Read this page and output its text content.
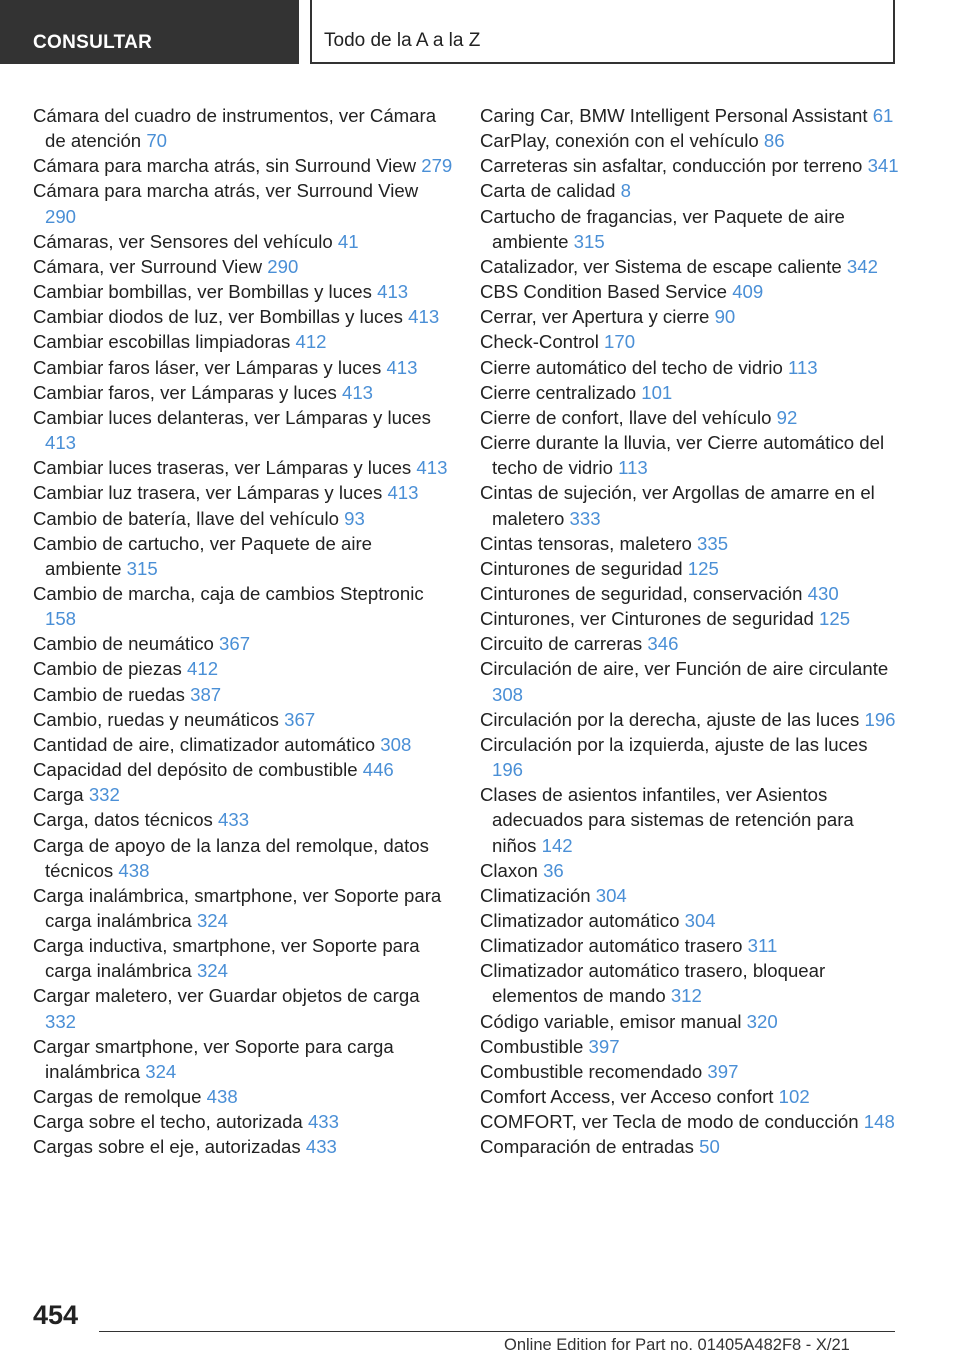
CONSULTAR	Todo de la A a la Z
Cámara del cuadro de instrumentos, ver Cámara de atención 70
Cámara para marcha atrás, sin Surround View 279
Cámara para marcha atrás, ver Surround View 290
Cámaras, ver Sensores del vehículo 41
Cámara, ver Surround View 290
Cambiar bombillas, ver Bombillas y luces 413
Cambiar diodos de luz, ver Bombillas y luces 413
Cambiar escobillas limpiadoras 412
Cambiar faros láser, ver Lámparas y luces 413
Cambiar faros, ver Lámparas y luces 413
Cambiar luces delanteras, ver Lámparas y luces 413
Cambiar luces traseras, ver Lámparas y luces 413
Cambiar luz trasera, ver Lámparas y luces 413
Cambio de batería, llave del vehículo 93
Cambio de cartucho, ver Paquete de aire ambiente 315
Cambio de marcha, caja de cambios Steptronic 158
Cambio de neumático 367
Cambio de piezas 412
Cambio de ruedas 387
Cambio, ruedas y neumáticos 367
Cantidad de aire, climatizador automático 308
Capacidad del depósito de combustible 446
Carga 332
Carga, datos técnicos 433
Carga de apoyo de la lanza del remolque, datos técnicos 438
Carga inalámbrica, smartphone, ver Soporte para carga inalámbrica 324
Carga inductiva, smartphone, ver Soporte para carga inalámbrica 324
Cargar maletero, ver Guardar objetos de carga 332
Cargar smartphone, ver Soporte para carga inalámbrica 324
Cargas de remolque 438
Carga sobre el techo, autorizada 433
Cargas sobre el eje, autorizadas 433
Caring Car, BMW Intelligent Personal Assistant 61
CarPlay, conexión con el vehículo 86
Carreteras sin asfaltar, conducción por terreno 341
Carta de calidad 8
Cartucho de fragancias, ver Paquete de aire ambiente 315
Catalizador, ver Sistema de escape caliente 342
CBS Condition Based Service 409
Cerrar, ver Apertura y cierre 90
Check-Control 170
Cierre automático del techo de vidrio 113
Cierre centralizado 101
Cierre de confort, llave del vehículo 92
Cierre durante la lluvia, ver Cierre automático del techo de vidrio 113
Cintas de sujeción, ver Argollas de amarre en el maletero 333
Cintas tensoras, maletero 335
Cinturones de seguridad 125
Cinturones de seguridad, conservación 430
Cinturones, ver Cinturones de seguridad 125
Circuito de carreras 346
Circulación de aire, ver Función de aire circulante 308
Circulación por la derecha, ajuste de las luces 196
Circulación por la izquierda, ajuste de las luces 196
Clases de asientos infantiles, ver Asientos adecuados para sistemas de retención para niños 142
Claxon 36
Climatización 304
Climatizador automático 304
Climatizador automático trasero 311
Climatizador automático trasero, bloquear elementos de mando 312
Código variable, emisor manual 320
Combustible 397
Combustible recomendado 397
Comfort Access, ver Acceso confort 102
COMFORT, ver Tecla de modo de conducción 148
Comparación de entradas 50
454
Online Edition for Part no. 01405A482F8 - X/21
